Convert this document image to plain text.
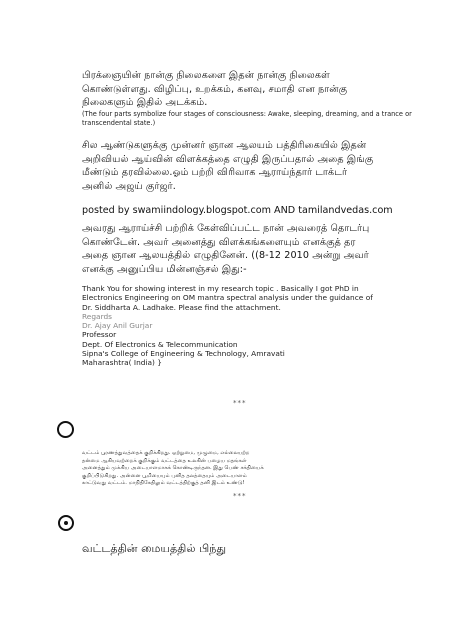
பிரக்ஞையின் நான்கு நிலைகளை இதன் நான்கு நிலைகள்
கொண்டுள்ளது. விழிப்பு, உறக்கம், கனவு, சமாதி என நான்கு
நிலைகளும் இதில் அடக்கம்.
(The four parts symbolize four stages of consciousness: Awake, sleeping, dreaming, and a trance or transcendental state.)
சில ஆண்டுகளுக்கு முன்னர் ஞான ஆலயம் பத்திரிகையில் இதன்
அறிவியல் ஆய்வின் விளக்கத்தை எழுதி இருப்பதால் அதை இங்கு
மீண்டும் தரவில்லை.ஓம் பற்றி விரிவாக ஆராய்ந்தார் டாக்டர்
அனில் அஜய் குர்ஜர்.
posted by swamiindology.blogspot.com AND tamilandvedas.com
அவரது ஆராய்ச்சி பற்றிக் கேள்விப்பட்ட நான் அவரைத் தொடர்பு
கொண்டேன். அவர் அனைத்து விளக்கங்களையும் எனக்குத் தர
அதை ஞான ஆலயத்தில் எழுதினேன். ((8-12 2010 அன்று அவர்
எனக்கு அனுப்பிய மின்னஞ்சல் இது:-
Thank You for showing interest in my research topic . Basically I got PhD in
Electronics Engineering on OM mantra spectral analysis under the guidance of
Dr. Siddharta A. Ladhake. Please find the attachment.
Regards
Dr. Ajay Anil Gurjar
Professor
Dept. Of Electronics & Telecommunication
Sipna's College of Engineering & Technology, Amravati
Maharashtra( India) }
***
வட்டம் பூரணத்துவத்தைக் குறிக்கிறது. ஒற்றுமை, முழுமை, எல்லையற்ற
தன்மை ஆகியவற்றைக் குறிக்கும் வட்டத்தை உலகின் பழைய மதங்கள்
அனைத்தும் முக்கிய அடையாளமாகக் கொண்டிருந்தன. இது பெண் சக்தியைக்
குறிப்பிடுகிறது. அன்னை பூமியையும் புனித தலத்தையும் அடையாளம்
காட்டுவது வட்டம். மாநிதிகேதிலும் வட்டத்திற்குத் தனி இடம் உண்டு!
***
வட்டத்தின் மையத்தில் பிந்து
